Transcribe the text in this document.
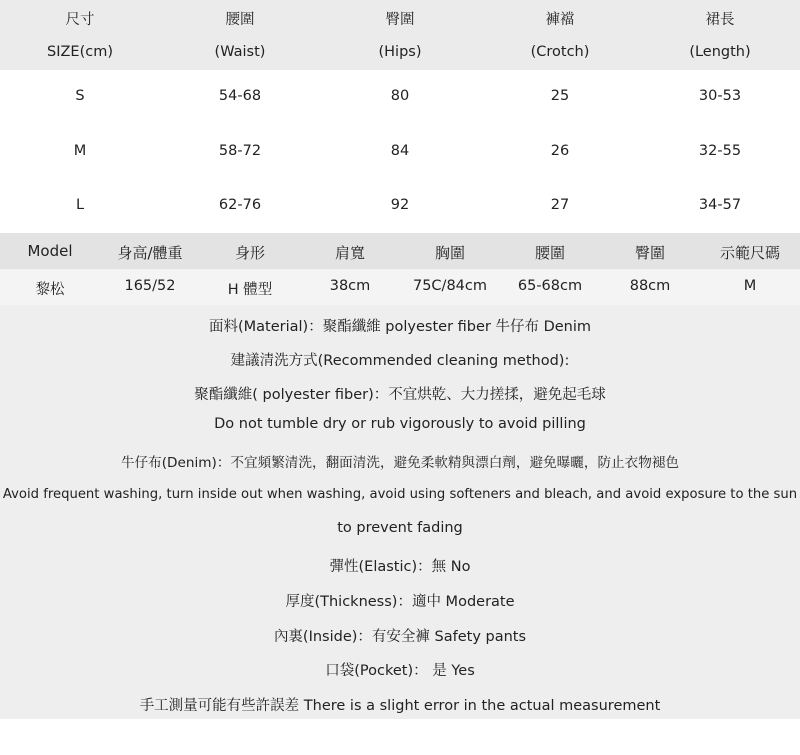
尺寸	腰圍	臀圍	褲襠	裙長
SIZE(cm)	(Waist)	(Hips)	(Crotch)	(Length)
S	54-68	80	25	30-53
M	58-72	84	26	32-55
L	62-76	92	27	34-57
Model	身高/體重	身形	肩寬	胸圍	腰圍	臀圍	示範尺碼
黎松	165/52	H 體型	38cm	75C/84cm	65-68cm	88cm	M
面料(Material)：聚酯纖維 polyester fiber 牛仔布 Denim
建議清洗方式(Recommended cleaning method):
聚酯纖維( polyester fiber)：不宜烘乾、大力搓揉，避免起毛球
Do not tumble dry or rub vigorously to avoid pilling
牛仔布(Denim)：不宜頻繁清洗，翻面清洗，避免柔軟精與漂白劑，避免曝曬，防止衣物褪色
Avoid frequent washing, turn inside out when washing, avoid using softeners and bleach, and avoid exposure to the sun
to prevent fading
彈性(Elastic)：無 No
厚度(Thickness)：適中 Moderate
內裏(Inside)：有安全褲 Safety pants
口袋(Pocket)： 是 Yes
手工測量可能有些許誤差 There is a slight error in the actual measurement
